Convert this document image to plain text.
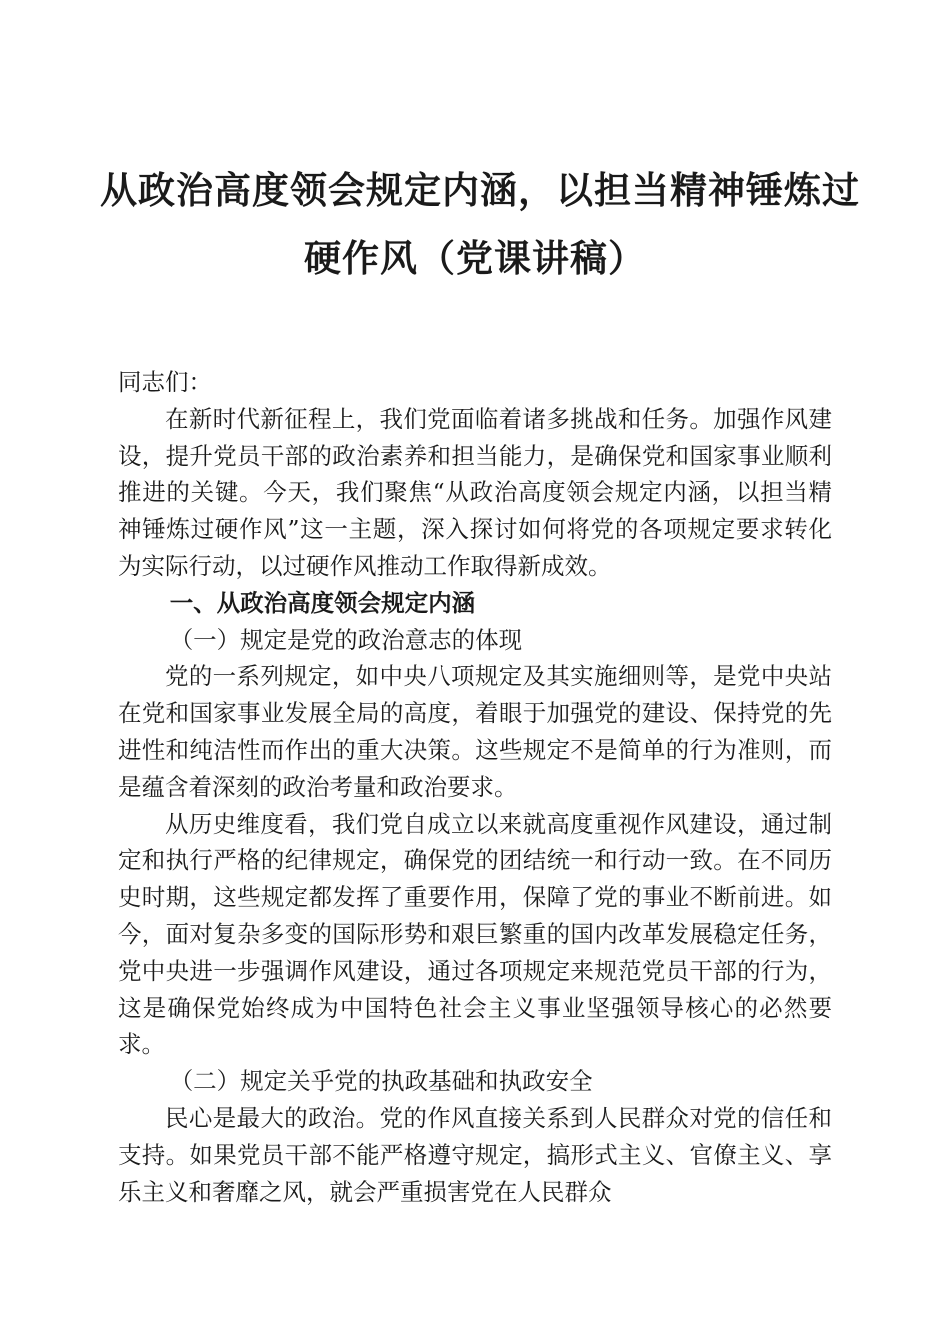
从政治高度领会规定内涵，以担当精神锤炼过
硬作风（党课讲稿）

同志们：

在新时代新征程上，我们党面临着诸多挑战和任务。加强作风建设，提升党员干部的政治素养和担当能力，是确保党和国家事业顺利推进的关键。今天，我们聚焦“从政治高度领会规定内涵，以担当精神锤炼过硬作风”这一主题，深入探讨如何将党的各项规定要求转化为实际行动，以过硬作风推动工作取得新成效。

一、从政治高度领会规定内涵

（一）规定是党的政治意志的体现

党的一系列规定，如中央八项规定及其实施细则等，是党中央站在党和国家事业发展全局的高度，着眼于加强党的建设、保持党的先进性和纯洁性而作出的重大决策。这些规定不是简单的行为准则，而是蕴含着深刻的政治考量和政治要求。

从历史维度看，我们党自成立以来就高度重视作风建设，通过制定和执行严格的纪律规定，确保党的团结统一和行动一致。在不同历史时期，这些规定都发挥了重要作用，保障了党的事业不断前进。如今，面对复杂多变的国际形势和艰巨繁重的国内改革发展稳定任务，党中央进一步强调作风建设，通过各项规定来规范党员干部的行为，这是确保党始终成为中国特色社会主义事业坚强领导核心的必然要求。

（二）规定关乎党的执政基础和执政安全

民心是最大的政治。党的作风直接关系到人民群众对党的信任和支持。如果党员干部不能严格遵守规定，搞形式主义、官僚主义、享乐主义和奢靡之风，就会严重损害党在人民群众
